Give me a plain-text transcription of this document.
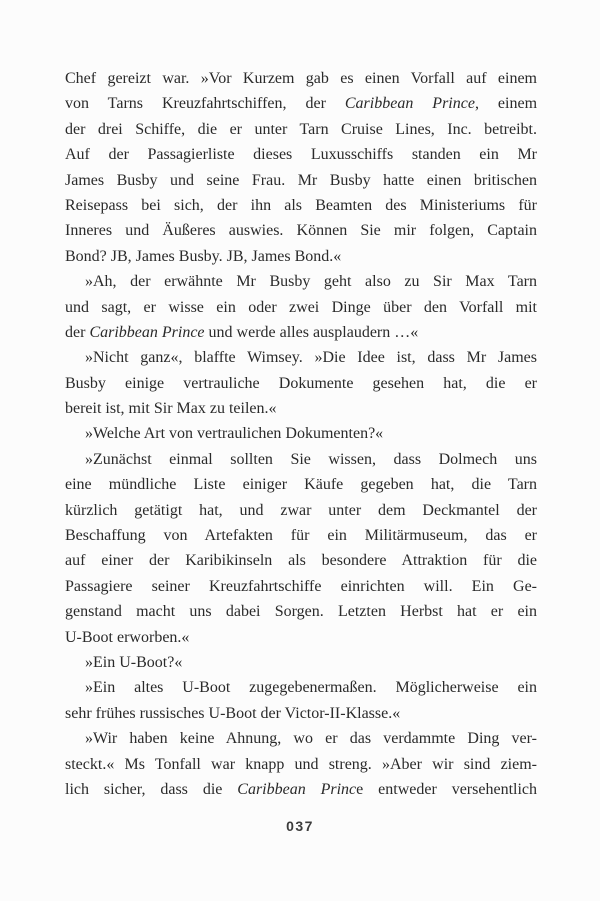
Chef gereizt war. »Vor Kurzem gab es einen Vorfall auf einem
von Tarns Kreuzfahrtschiffen, der Caribbean Prince, einem
der drei Schiffe, die er unter Tarn Cruise Lines, Inc. betreibt.
Auf der Passagierliste dieses Luxusschiffs standen ein Mr
James Busby und seine Frau. Mr Busby hatte einen britischen
Reisepass bei sich, der ihn als Beamten des Ministeriums für
Inneres und Äußeres auswies. Können Sie mir folgen, Captain
Bond? JB, James Busby. JB, James Bond.«
»Ah, der erwähnte Mr Busby geht also zu Sir Max Tarn
und sagt, er wisse ein oder zwei Dinge über den Vorfall mit
der Caribbean Prince und werde alles ausplaudern …«
»Nicht ganz«, blaffte Wimsey. »Die Idee ist, dass Mr James
Busby einige vertrauliche Dokumente gesehen hat, die er
bereit ist, mit Sir Max zu teilen.«
»Welche Art von vertraulichen Dokumenten?«
»Zunächst einmal sollten Sie wissen, dass Dolmech uns
eine mündliche Liste einiger Käufe gegeben hat, die Tarn
kürzlich getätigt hat, und zwar unter dem Deckmantel der
Beschaffung von Artefakten für ein Militärmuseum, das er
auf einer der Karibikinseln als besondere Attraktion für die
Passagiere seiner Kreuzfahrtschiffe einrichten will. Ein Ge-
genstand macht uns dabei Sorgen. Letzten Herbst hat er ein
U-Boot erworben.«
»Ein U-Boot?«
»Ein altes U-Boot zugegebenermaßen. Möglicherweise ein
sehr frühes russisches U-Boot der Victor-II-Klasse.«
»Wir haben keine Ahnung, wo er das verdammte Ding ver-
steckt.« Ms Tonfall war knapp und streng. »Aber wir sind ziem-
lich sicher, dass die Caribbean Prince entweder versehentlich
037
